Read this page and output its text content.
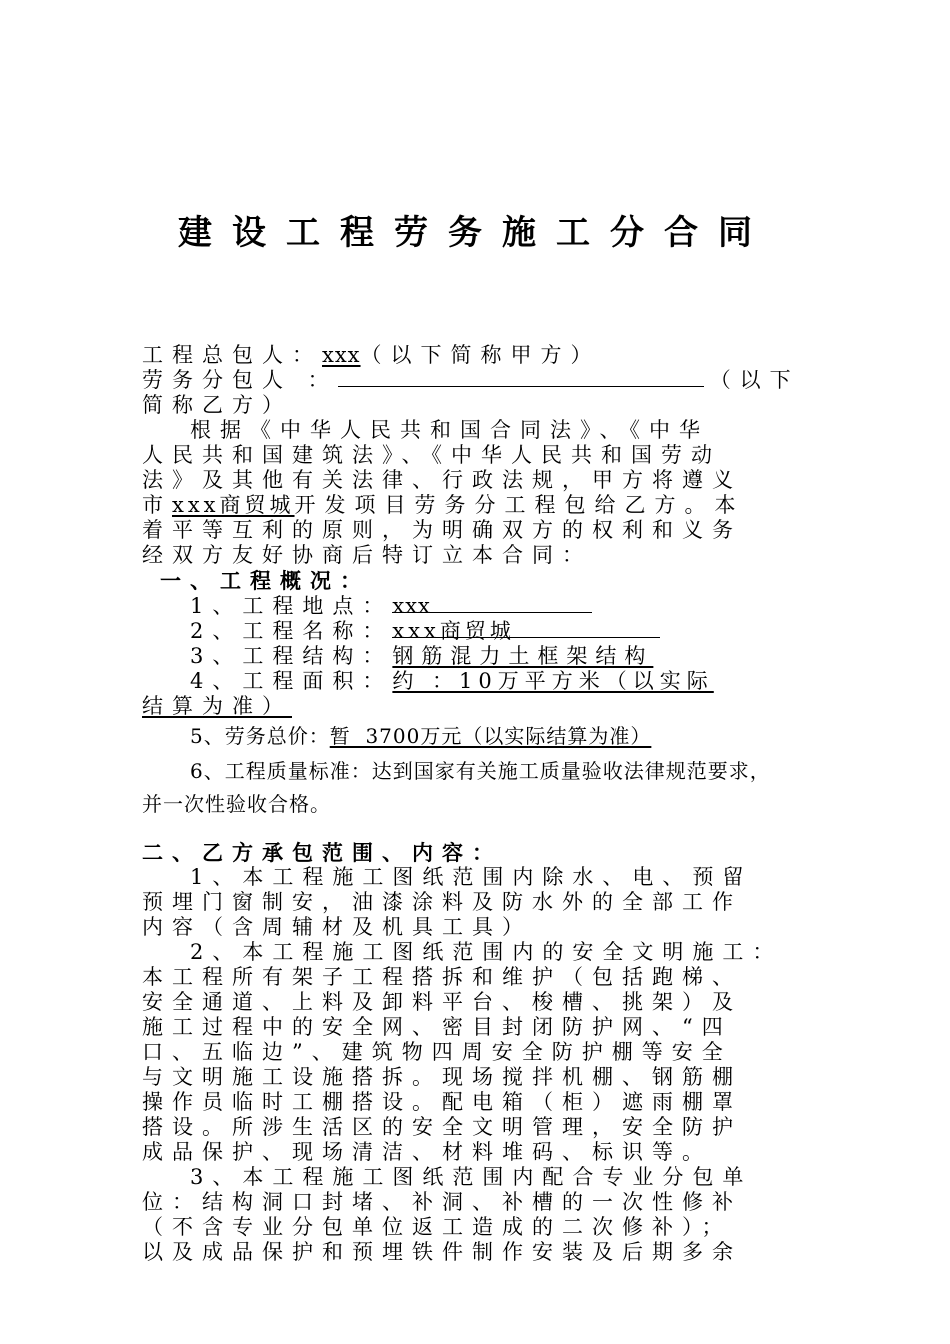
建设工程劳务施工分合同
工程总包人：xxx（以下简称甲方）
劳务分包人 ：	（以下
简称乙方）
根据《中华人民共和国合同法》、《中华
人民共和国建筑法》、《中华人民共和国劳动
法》及其他有关法律、行政法规，甲方将遵义
市xxx商贸城开发项目劳务分工程包给乙方。本
着平等互利的原则，为明确双方的权利和义务
经双方友好协商后特订立本合同：
一、工程概况：
1、工程地点：xxx
2、工程名称：xxx商贸城
3、工程结构：钢筋混力土框架结构
4、工程面积：约 ：10万平方米（以实际
结算为准）
5、劳务总价：暂  3700万元（以实际结算为准）
6、工程质量标准：达到国家有关施工质量验收法律规范要求，
并一次性验收合格。
二、乙方承包范围、内容：
1、本工程施工图纸范围内除水、电、预留
预埋门窗制安，油漆涂料及防水外的全部工作
内容（含周辅材及机具工具）
2、本工程施工图纸范围内的安全文明施工：
本工程所有架子工程搭拆和维护（包括跑梯、
安全通道、上料及卸料平台、梭槽、挑架）及
施工过程中的安全网、密目封闭防护网、“四
口、五临边”、建筑物四周安全防护棚等安全
与文明施工设施搭拆。现场搅拌机棚、钢筋棚
操作员临时工棚搭设。配电箱（柜）遮雨棚罩
搭设。所涉生活区的安全文明管理，安全防护
成品保护、现场清洁、材料堆码、标识等。
3、本工程施工图纸范围内配合专业分包单
位：结构洞口封堵、补洞、补槽的一次性修补
（不含专业分包单位返工造成的二次修补）；
以及成品保护和预埋铁件制作安装及后期多余
